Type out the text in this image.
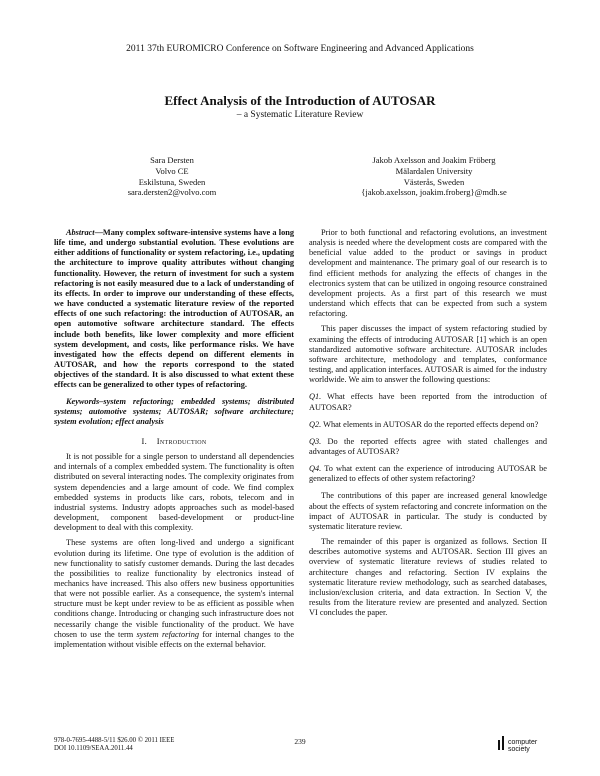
2011 37th EUROMICRO Conference on Software Engineering and Advanced Applications
Effect Analysis of the Introduction of AUTOSAR
– a Systematic Literature Review
Sara Dersten
Volvo CE
Eskilstuna, Sweden
sara.dersten2@volvo.com
Jakob Axelsson and Joakim Fröberg
Mälardalen University
Västerås, Sweden
{jakob.axelsson, joakim.froberg}@mdh.se

Abstract—Many complex software-intensive systems have a long life time, and undergo substantial evolution. These evolutions are either additions of functionality or system refactoring, i.e., updating the architecture to improve quality attributes without changing functionality. However, the return of investment for such a system refactoring is not easily measured due to a lack of understanding of its effects. In order to improve our understanding of these effects, we have conducted a systematic literature review of the reported effects of one such refactoring: the introduction of AUTOSAR, an open automotive software architecture standard. The effects include both benefits, like lower complexity and more efficient system development, and costs, like performance risks. We have investigated how the effects depend on different elements in AUTOSAR, and how the reports correspond to the stated objectives of the standard. It is also discussed to what extent these effects can be generalized to other types of refactoring.

Keywords–system refactoring; embedded systems; distributed systems; automotive systems; AUTOSAR; software architecture; system evolution; effect analysis

I. Introduction

It is not possible for a single person to understand all dependencies and internals of a complex embedded system. The functionality is often distributed on several interacting nodes. The complexity originates from system dependencies and a large amount of code. We find complex embedded systems in products like cars, robots, telecom and in industrial systems. Industry adopts approaches such as model-based development, component based-development or product-line development to deal with this complexity.

These systems are often long-lived and undergo a significant evolution during its lifetime. One type of evolution is the addition of new functionality to satisfy customer demands. During the last decades the possibilities to realize functionality by electronics instead of mechanics have increased. This also offers new business opportunities that were not possible earlier. As a consequence, the system's internal structure must be kept under review to be as efficient as possible when conditions change. Introducing or changing such infrastructure does not necessarily change the visible functionality of the product. We have chosen to use the term system refactoring for internal changes to the implementation without visible effects on the external behavior.

Prior to both functional and refactoring evolutions, an investment analysis is needed where the development costs are compared with the beneficial value added to the product or savings in product development and maintenance. The primary goal of our research is to find efficient methods for analyzing the effects of changes in the electronics system that can be utilized in ongoing resource constrained development projects. As a first part of this research we must understand which effects that can be expected from such a system refactoring.

This paper discusses the impact of system refactoring studied by examining the effects of introducing AUTOSAR [1] which is an open standardized automotive software architecture. AUTOSAR includes software architecture, methodology and templates, conformance testing, and application interfaces. AUTOSAR is aimed for the industry worldwide. We aim to answer the following questions:

Q1. What effects have been reported from the introduction of AUTOSAR?

Q2. What elements in AUTOSAR do the reported effects depend on?

Q3. Do the reported effects agree with stated challenges and advantages of AUTOSAR?

Q4. To what extent can the experience of introducing AUTOSAR be generalized to effects of other system refactoring?

The contributions of this paper are increased general knowledge about the effects of system refactoring and concrete information on the impact of AUTOSAR in particular. The study is conducted by systematic literature review.

The remainder of this paper is organized as follows. Section II describes automotive systems and AUTOSAR. Section III gives an overview of systematic literature reviews of studies related to architecture changes and refactoring. Section IV explains the systematic literature review methodology, such as searched databases, inclusion/exclusion criteria, and data extraction. In Section V, the results from the literature review are presented and analyzed. Section VI concludes the paper.

978-0-7695-4488-5/11 $26.00 © 2011 IEEE
DOI 10.1109/SEAA.2011.44
239	computer
society
